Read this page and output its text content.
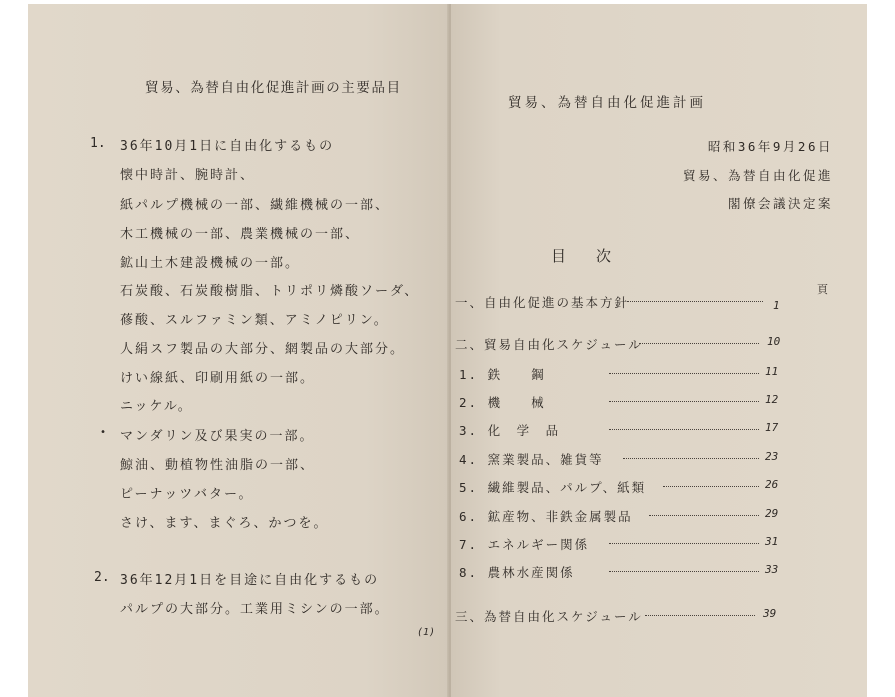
貿易、為替自由化促進計画の主要品目
1. 36年10月1日に自由化するもの
懐中時計、腕時計、
紙パルプ機械の一部、繊維機械の一部、
木工機械の一部、農業機械の一部、
鉱山土木建設機械の一部。
石炭酸、石炭酸樹脂、トリポリ燐酸ソーダ、
蓚酸、スルファミン類、アミノピリン。
人絹スフ製品の大部分、網製品の大部分。
けい線紙、印刷用紙の一部。
ニッケル。
• マンダリン及び果実の一部。
鯨油、動植物性油脂の一部、
ピーナッツバター。
さけ、ます、まぐろ、かつを。
2. 36年12月1日を目途に自由化するもの
パルプの大部分。工業用ミシンの一部。
(1)
貿易、為替自由化促進計画
昭和36年9月26日
貿易、為替自由化促進
閣僚会議決定案
目次
頁
一、自由化促進の基本方針	1
二、貿易自由化スケジュール	10
1. 鉄　　鋼	11
2. 機　　械	12
3. 化　学　品	17
4. 窯業製品、雑貨等	23
5. 繊維製品、パルプ、紙類	26
6. 鉱産物、非鉄金属製品	29
7. エネルギー関係	31
8. 農林水産関係	33
三、為替自由化スケジュール	39
